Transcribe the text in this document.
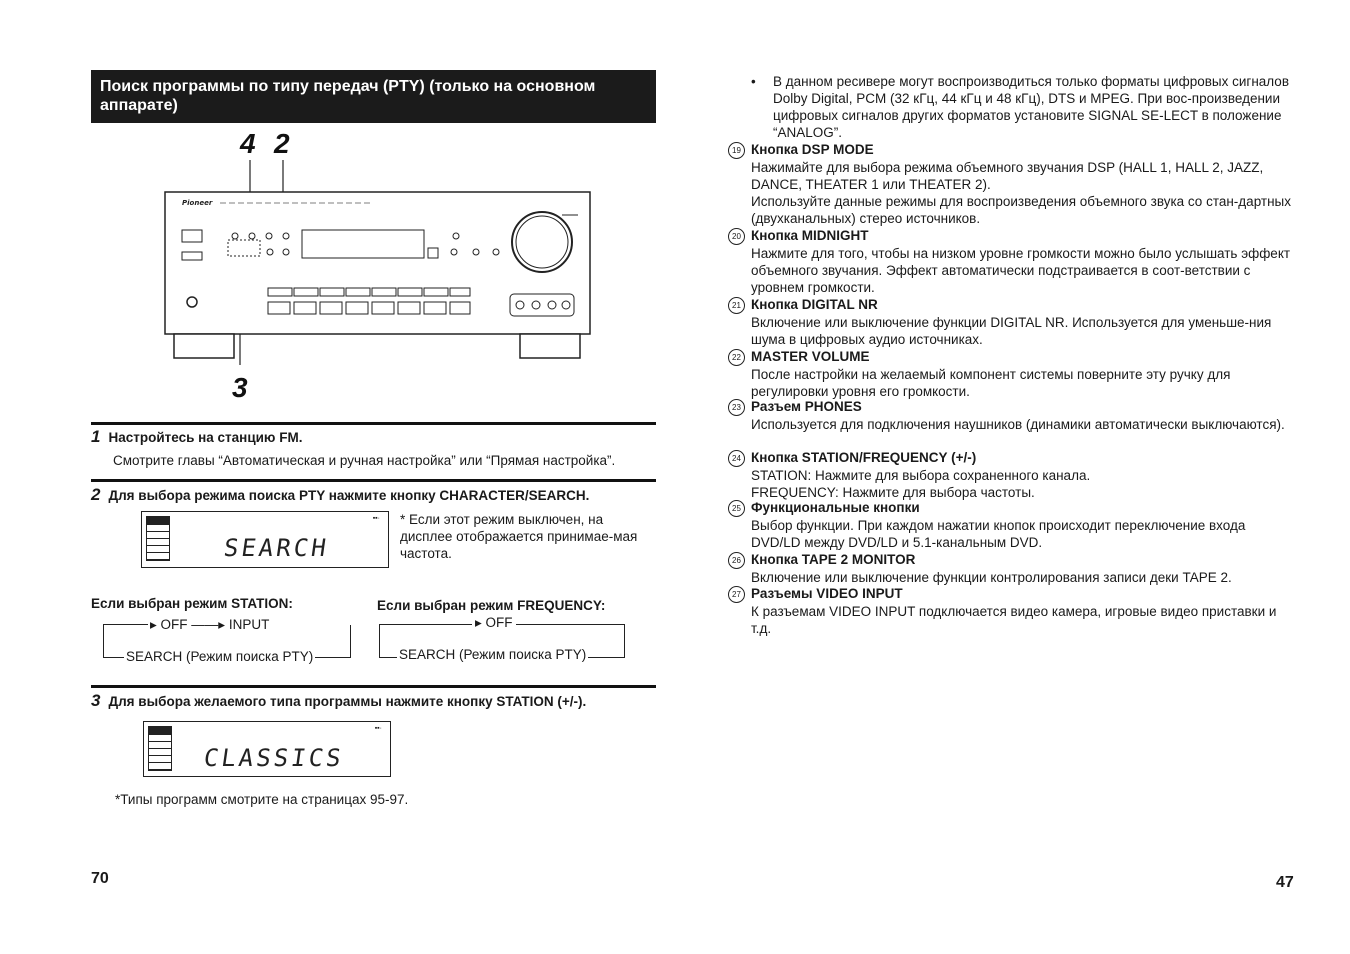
Поиск программы по типу передач (PTY) (только на основном аппарате)
4 2
3
Pioneer
1 Настройтесь на станцию FM.
Смотрите главы “Автоматическая и ручная настройка” или “Прямая настройка”.
2 Для выбора режима поиска PTY нажмите кнопку CHARACTER/SEARCH.
▪▪·
SEARCH
* Если этот режим выключен, на дисплее отображается принимае-мая частота.
Если выбран режим STATION:
▸ OFF ——▸ INPUT
SEARCH (Режим поиска PTY)
Если выбран режим FREQUENCY:
▸ OFF
SEARCH (Режим поиска PTY)
3 Для выбора желаемого типа программы нажмите кнопку STATION (+/-).
▪▪·
CLASSICS
*Типы программ смотрите на страницах 95-97.
70
• В данном ресивере могут воспроизводиться только форматы цифровых сигналов Dolby Digital, PCM (32 кГц, 44 кГц и 48 кГц), DTS и MPEG. При вос-произведении цифровых сигналов других форматов установите SIGNAL SE-LECT в положение “ANALOG”.
19 Кнопка DSP MODE
Нажимайте для выбора режима объемного звучания DSP (HALL 1, HALL 2, JAZZ, DANCE, THEATER 1 или THEATER 2).
Используйте данные режимы для воспроизведения объемного звука со стан-дартных (двухканальных) стерео источников.
20 Кнопка MIDNIGHT
Нажмите для того, чтобы на низком уровне громкости можно было услышать эффект объемного звучания. Эффект автоматически подстраивается в соот-ветствии с уровнем громкости.
21 Кнопка DIGITAL NR
Включение или выключение функции DIGITAL NR. Используется для уменьше-ния шума в цифровых аудио источниках.
22 MASTER VOLUME
После настройки на желаемый компонент системы поверните эту ручку для регулировки уровня его громкости.
23 Разъем PHONES
Используется для подключения наушников (динамики автоматически выключаются).
24 Кнопка STATION/FREQUENCY (+/-)
STATION: Нажмите для выбора сохраненного канала.
FREQUENCY: Нажмите для выбора частоты.
25 Функциональные кнопки
Выбор функции. При каждом нажатии кнопок происходит переключение входа DVD/LD между DVD/LD и 5.1-канальным DVD.
26 Кнопка TAPE 2 MONITOR
Включение или выключение функции контролирования записи деки TAPE 2.
27 Разъемы VIDEO INPUT
К разъемам VIDEO INPUT подключается видео камера, игровые видео приставки и т.д.
47
